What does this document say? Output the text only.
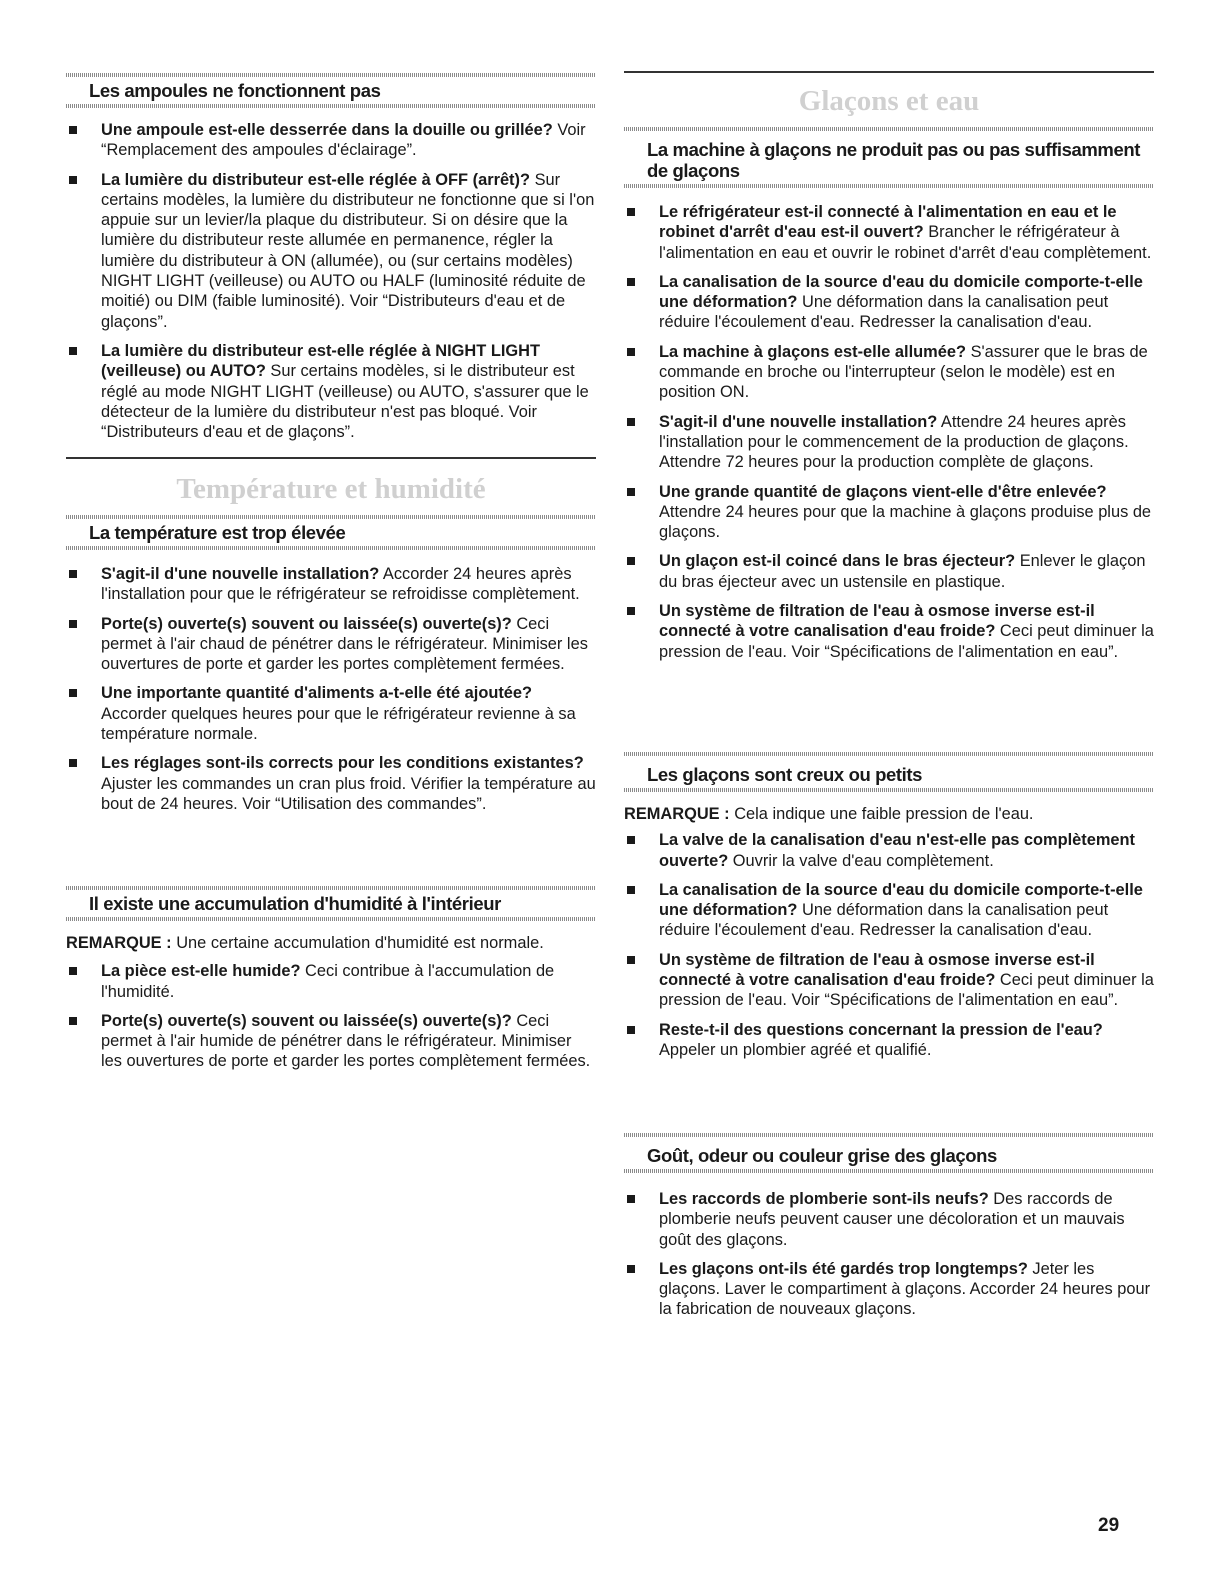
Les ampoules ne fonctionnent pas
Une ampoule est-elle desserrée dans la douille ou grillée? Voir “Remplacement des ampoules d'éclairage”.
La lumière du distributeur est-elle réglée à OFF (arrêt)? Sur certains modèles, la lumière du distributeur ne fonctionne que si l'on appuie sur un levier/la plaque du distributeur. Si on désire que la lumière du distributeur reste allumée en permanence, régler la lumière du distributeur à ON (allumée), ou (sur certains modèles) NIGHT LIGHT (veilleuse) ou AUTO ou HALF (luminosité réduite de moitié) ou DIM (faible luminosité). Voir “Distributeurs d'eau et de glaçons”.
La lumière du distributeur est-elle réglée à NIGHT LIGHT (veilleuse) ou AUTO? Sur certains modèles, si le distributeur est réglé au mode NIGHT LIGHT (veilleuse) ou AUTO, s'assurer que le détecteur de la lumière du distributeur n'est pas bloqué. Voir “Distributeurs d'eau et de glaçons”.
Température et humidité
La température est trop élevée
S'agit-il d'une nouvelle installation? Accorder 24 heures après l'installation pour que le réfrigérateur se refroidisse complètement.
Porte(s) ouverte(s) souvent ou laissée(s) ouverte(s)? Ceci permet à l'air chaud de pénétrer dans le réfrigérateur. Minimiser les ouvertures de porte et garder les portes complètement fermées.
Une importante quantité d'aliments a-t-elle été ajoutée? Accorder quelques heures pour que le réfrigérateur revienne à sa température normale.
Les réglages sont-ils corrects pour les conditions existantes? Ajuster les commandes un cran plus froid. Vérifier la température au bout de 24 heures. Voir “Utilisation des commandes”.
Il existe une accumulation d'humidité à l'intérieur

REMARQUE : Une certaine accumulation d'humidité est normale.

La pièce est-elle humide? Ceci contribue à l'accumulation de l'humidité.
Porte(s) ouverte(s) souvent ou laissée(s) ouverte(s)? Ceci permet à l'air humide de pénétrer dans le réfrigérateur. Minimiser les ouvertures de porte et garder les portes complètement fermées.
Glaçons et eau
La machine à glaçons ne produit pas ou pas suffisamment de glaçons
Le réfrigérateur est-il connecté à l'alimentation en eau et le robinet d'arrêt d'eau est-il ouvert? Brancher le réfrigérateur à l'alimentation en eau et ouvrir le robinet d'arrêt d'eau complètement.
La canalisation de la source d'eau du domicile comporte-t-elle une déformation? Une déformation dans la canalisation peut réduire l'écoulement d'eau. Redresser la canalisation d'eau.
La machine à glaçons est-elle allumée? S'assurer que le bras de commande en broche ou l'interrupteur (selon le modèle) est en position ON.
S'agit-il d'une nouvelle installation? Attendre 24 heures après l'installation pour le commencement de la production de glaçons. Attendre 72 heures pour la production complète de glaçons.
Une grande quantité de glaçons vient-elle d'être enlevée? Attendre 24 heures pour que la machine à glaçons produise plus de glaçons.
Un glaçon est-il coincé dans le bras éjecteur? Enlever le glaçon du bras éjecteur avec un ustensile en plastique.
Un système de filtration de l'eau à osmose inverse est-il connecté à votre canalisation d'eau froide? Ceci peut diminuer la pression de l'eau. Voir “Spécifications de l'alimentation en eau”.
Les glaçons sont creux ou petits

REMARQUE : Cela indique une faible pression de l'eau.

La valve de la canalisation d'eau n'est-elle pas complètement ouverte? Ouvrir la valve d'eau complètement.
La canalisation de la source d'eau du domicile comporte-t-elle une déformation? Une déformation dans la canalisation peut réduire l'écoulement d'eau. Redresser la canalisation d'eau.
Un système de filtration de l'eau à osmose inverse est-il connecté à votre canalisation d'eau froide? Ceci peut diminuer la pression de l'eau. Voir “Spécifications de l'alimentation en eau”.
Reste-t-il des questions concernant la pression de l'eau? Appeler un plombier agréé et qualifié.
Goût, odeur ou couleur grise des glaçons
Les raccords de plomberie sont-ils neufs? Des raccords de plomberie neufs peuvent causer une décoloration et un mauvais goût des glaçons.
Les glaçons ont-ils été gardés trop longtemps? Jeter les glaçons. Laver le compartiment à glaçons. Accorder 24 heures pour la fabrication de nouveaux glaçons.
29
